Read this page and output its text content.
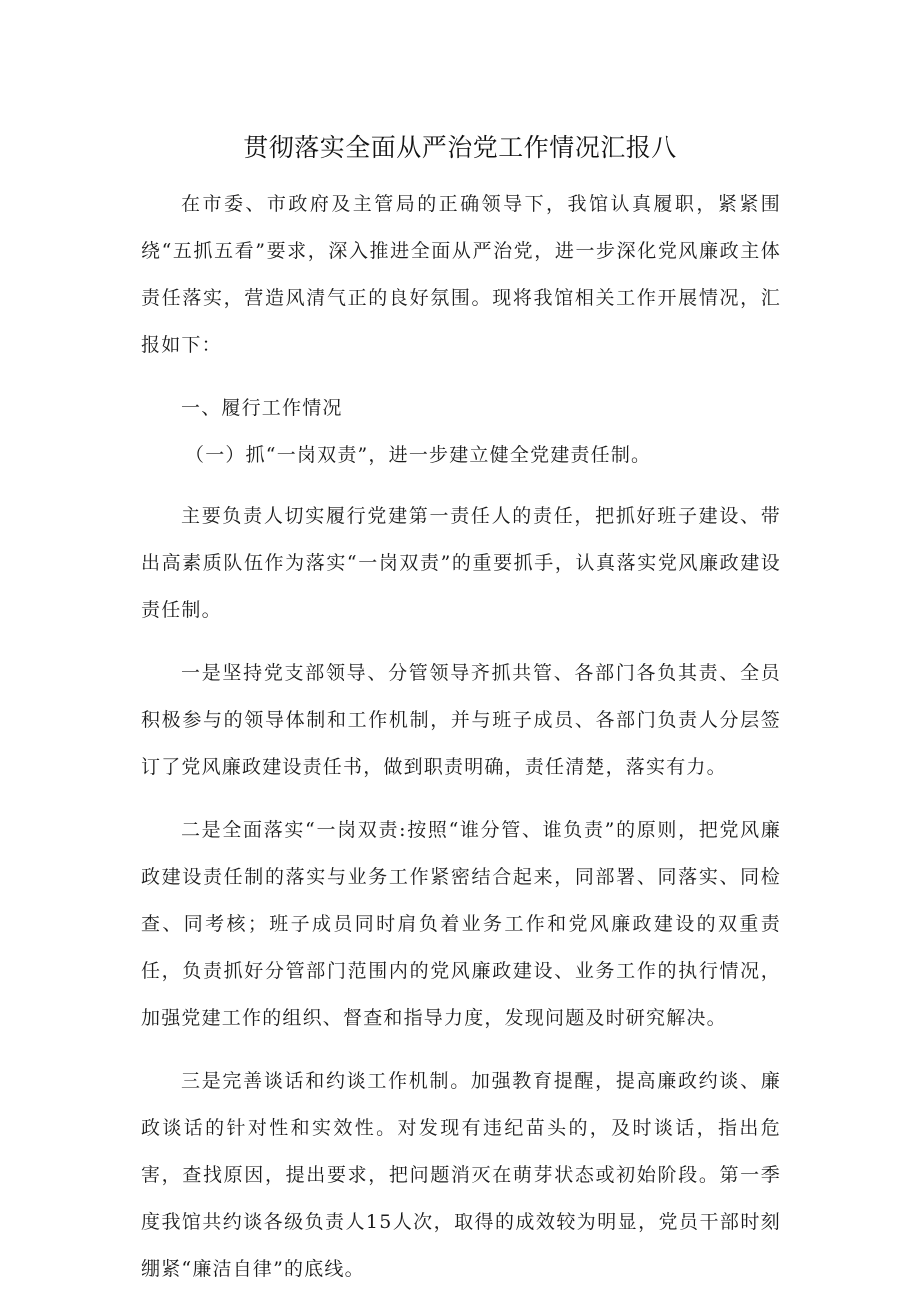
贯彻落实全面从严治党工作情况汇报八

在市委、市政府及主管局的正确领导下，我馆认真履职，紧紧围绕“五抓五看”要求，深入推进全面从严治党，进一步深化党风廉政主体责任落实，营造风清气正的良好氛围。现将我馆相关工作开展情况，汇报如下：

一、履行工作情况

（一）抓“一岗双责”，进一步建立健全党建责任制。

主要负责人切实履行党建第一责任人的责任，把抓好班子建设、带出高素质队伍作为落实“一岗双责”的重要抓手，认真落实党风廉政建设责任制。

一是坚持党支部领导、分管领导齐抓共管、各部门各负其责、全员积极参与的领导体制和工作机制，并与班子成员、各部门负责人分层签订了党风廉政建设责任书，做到职责明确，责任清楚，落实有力。

二是全面落实“一岗双责:按照“谁分管、谁负责”的原则，把党风廉政建设责任制的落实与业务工作紧密结合起来，同部署、同落实、同检查、同考核；班子成员同时肩负着业务工作和党风廉政建设的双重责任，负责抓好分管部门范围内的党风廉政建设、业务工作的执行情况，加强党建工作的组织、督查和指导力度，发现问题及时研究解决。

三是完善谈话和约谈工作机制。加强教育提醒，提高廉政约谈、廉政谈话的针对性和实效性。对发现有违纪苗头的，及时谈话，指出危害，查找原因，提出要求，把问题消灭在萌芽状态或初始阶段。第一季度我馆共约谈各级负责人15人次，取得的成效较为明显，党员干部时刻绷紧“廉洁自律”的底线。
